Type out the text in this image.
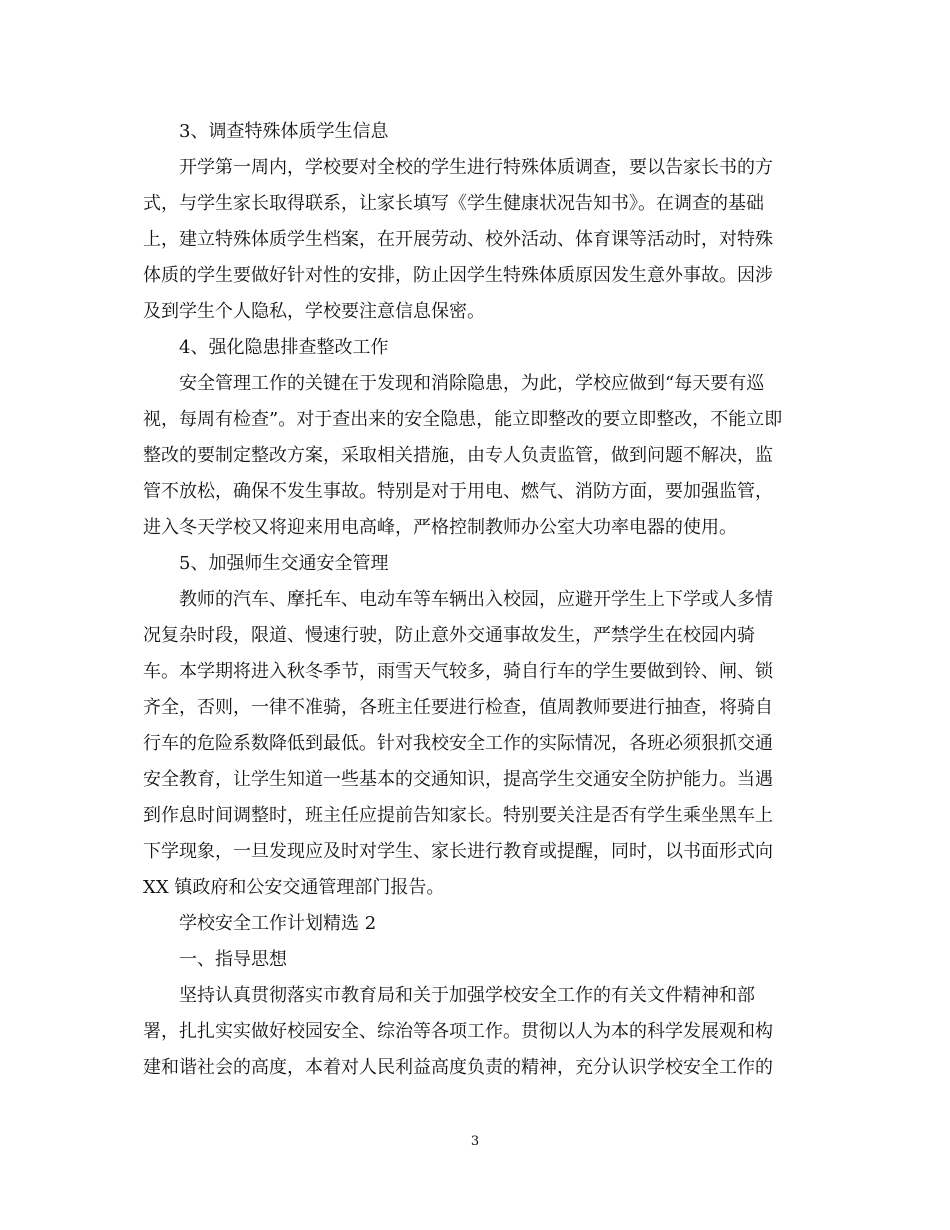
3、调查特殊体质学生信息
开学第一周内，学校要对全校的学生进行特殊体质调查，要以告家长书的方
式，与学生家长取得联系，让家长填写《学生健康状况告知书》。在调查的基础
上，建立特殊体质学生档案，在开展劳动、校外活动、体育课等活动时，对特殊
体质的学生要做好针对性的安排，防止因学生特殊体质原因发生意外事故。因涉
及到学生个人隐私，学校要注意信息保密。
4、强化隐患排查整改工作
安全管理工作的关键在于发现和消除隐患，为此，学校应做到“每天要有巡
视，每周有检查”。对于查出来的安全隐患，能立即整改的要立即整改，不能立即
整改的要制定整改方案，采取相关措施，由专人负责监管，做到问题不解决，监
管不放松，确保不发生事故。特别是对于用电、燃气、消防方面，要加强监管，
进入冬天学校又将迎来用电高峰，严格控制教师办公室大功率电器的使用。
5、加强师生交通安全管理
教师的汽车、摩托车、电动车等车辆出入校园，应避开学生上下学或人多情
况复杂时段，限道、慢速行驶，防止意外交通事故发生，严禁学生在校园内骑
车。本学期将进入秋冬季节，雨雪天气较多，骑自行车的学生要做到铃、闸、锁
齐全，否则，一律不准骑，各班主任要进行检查，值周教师要进行抽查，将骑自
行车的危险系数降低到最低。针对我校安全工作的实际情况，各班必须狠抓交通
安全教育，让学生知道一些基本的交通知识，提高学生交通安全防护能力。当遇
到作息时间调整时，班主任应提前告知家长。特别要关注是否有学生乘坐黑车上
下学现象，一旦发现应及时对学生、家长进行教育或提醒，同时，以书面形式向
XX 镇政府和公安交通管理部门报告。
学校安全工作计划精选 2
一、指导思想
坚持认真贯彻落实市教育局和关于加强学校安全工作的有关文件精神和部
署，扎扎实实做好校园安全、综治等各项工作。贯彻以人为本的科学发展观和构
建和谐社会的高度，本着对人民利益高度负责的精神，充分认识学校安全工作的
3
